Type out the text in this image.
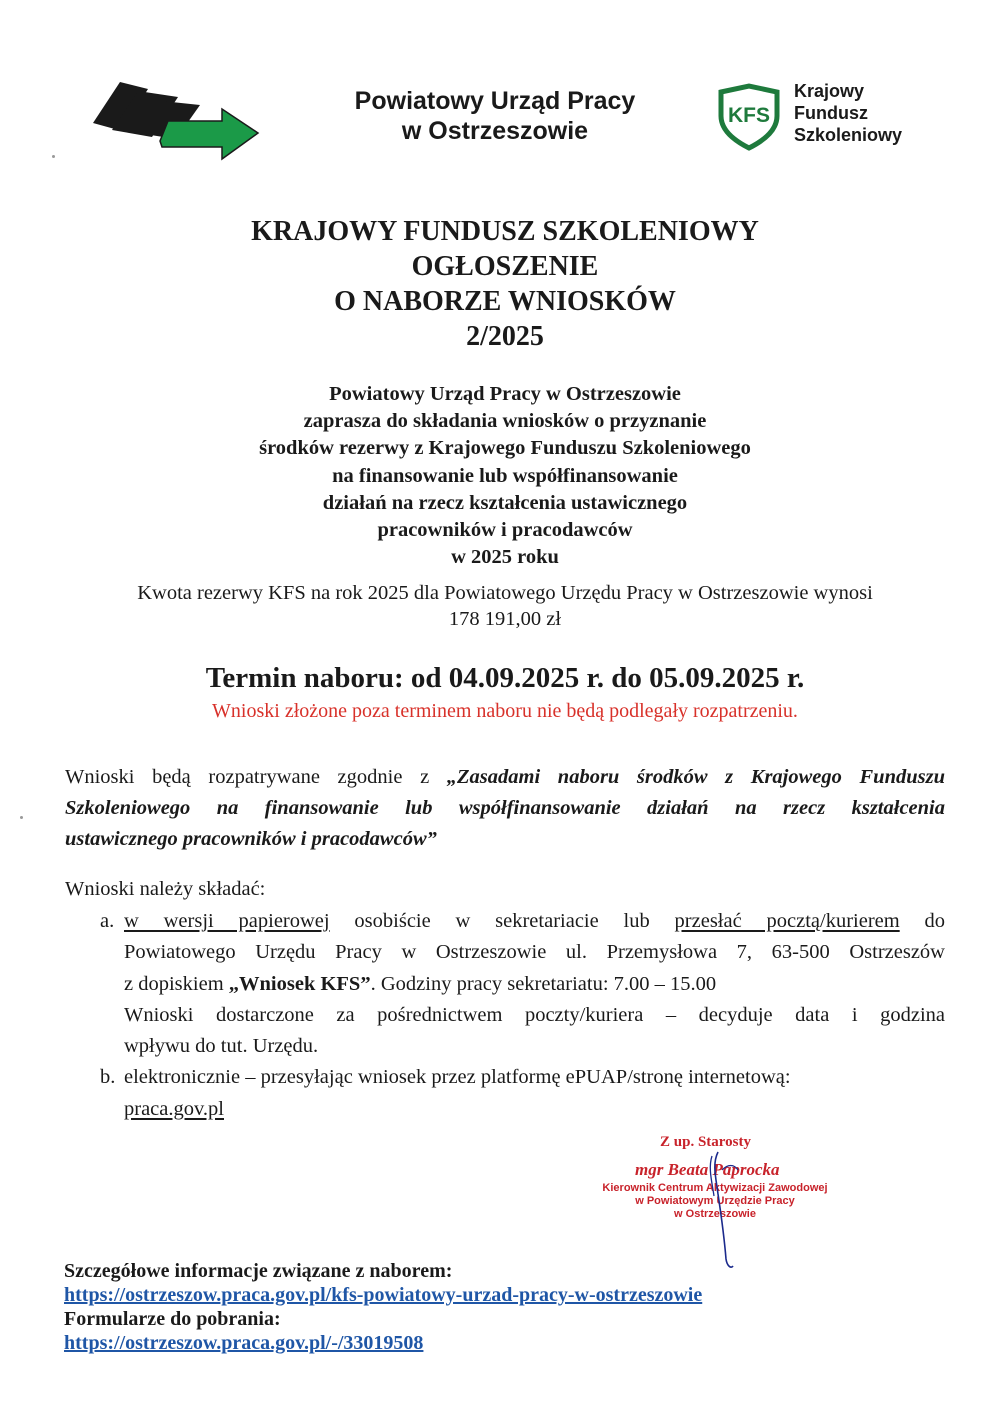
Powiatowy Urząd Pracy
w Ostrzeszowie
KFS
Krajowy
Fundusz
Szkoleniowy
KRAJOWY FUNDUSZ SZKOLENIOWY
OGŁOSZENIE
O NABORZE WNIOSKÓW
2/2025
Powiatowy Urząd Pracy w Ostrzeszowie
zaprasza do składania wniosków o przyznanie
środków rezerwy z Krajowego Funduszu Szkoleniowego
na finansowanie lub współfinansowanie
działań na rzecz kształcenia ustawicznego
pracowników i pracodawców
w 2025 roku
Kwota rezerwy KFS na rok 2025 dla Powiatowego Urzędu Pracy w Ostrzeszowie wynosi
178 191,00 zł
Termin naboru: od 04.09.2025 r. do 05.09.2025 r.
Wnioski złożone poza terminem naboru nie będą podlegały rozpatrzeniu.
Wnioski będą rozpatrywane zgodnie z „Zasadami naboru środków z Krajowego Funduszu
Szkoleniowego na finansowanie lub współfinansowanie działań na rzecz kształcenia
ustawicznego pracowników i pracodawców”
Wnioski należy składać:
a. w wersji papierowej osobiście w sekretariacie lub przesłać pocztą/kurierem do
Powiatowego Urzędu Pracy w Ostrzeszowie ul. Przemysłowa 7, 63-500 Ostrzeszów
z dopiskiem „Wniosek KFS”. Godziny pracy sekretariatu: 7.00 – 15.00
Wnioski dostarczone za pośrednictwem poczty/kuriera – decyduje data i godzina
wpływu do tut. Urzędu.
b. elektronicznie – przesyłając wniosek przez platformę ePUAP/stronę internetową:
praca.gov.pl
Z up. Starosty
mgr Beata Paprocka
Kierownik Centrum Aktywizacji Zawodowej
w Powiatowym Urzędzie Pracy
w Ostrzeszowie
Szczegółowe informacje związane z naborem:
https://ostrzeszow.praca.gov.pl/kfs-powiatowy-urzad-pracy-w-ostrzeszowie
Formularze do pobrania:
https://ostrzeszow.praca.gov.pl/-/33019508
